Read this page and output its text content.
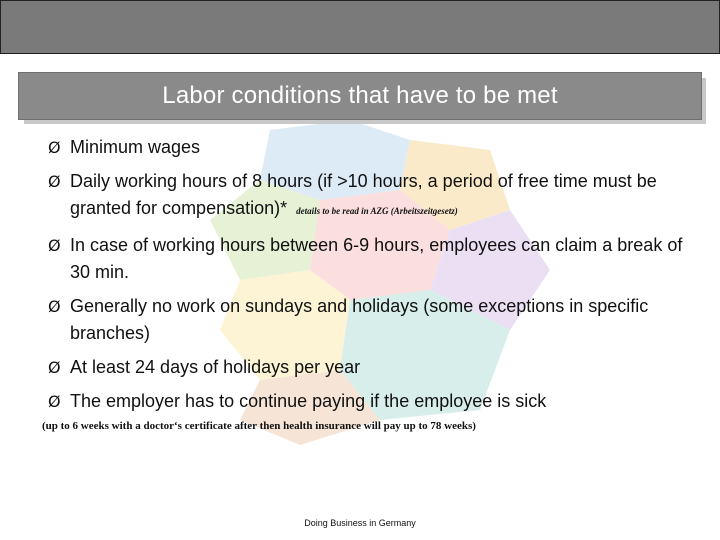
Labor conditions that have to be met
Ø Minimum wages
Ø Daily working hours of 8 hours (if >10 hours, a period of free time must be granted for compensation)* details to be read in AZG (Arbeitszeitgesetz)
Ø In case of working hours between 6-9 hours, employees can claim a break of 30 min.
Ø Generally no work on sundays and holidays (some exceptions in specific branches)
Ø At least 24 days of holidays per year
Ø The employer has to continue paying if the employee is sick
(up to 6 weeks with a doctor‘s certificate after then health insurance will pay up to 78 weeks)
Doing Business in Germany
